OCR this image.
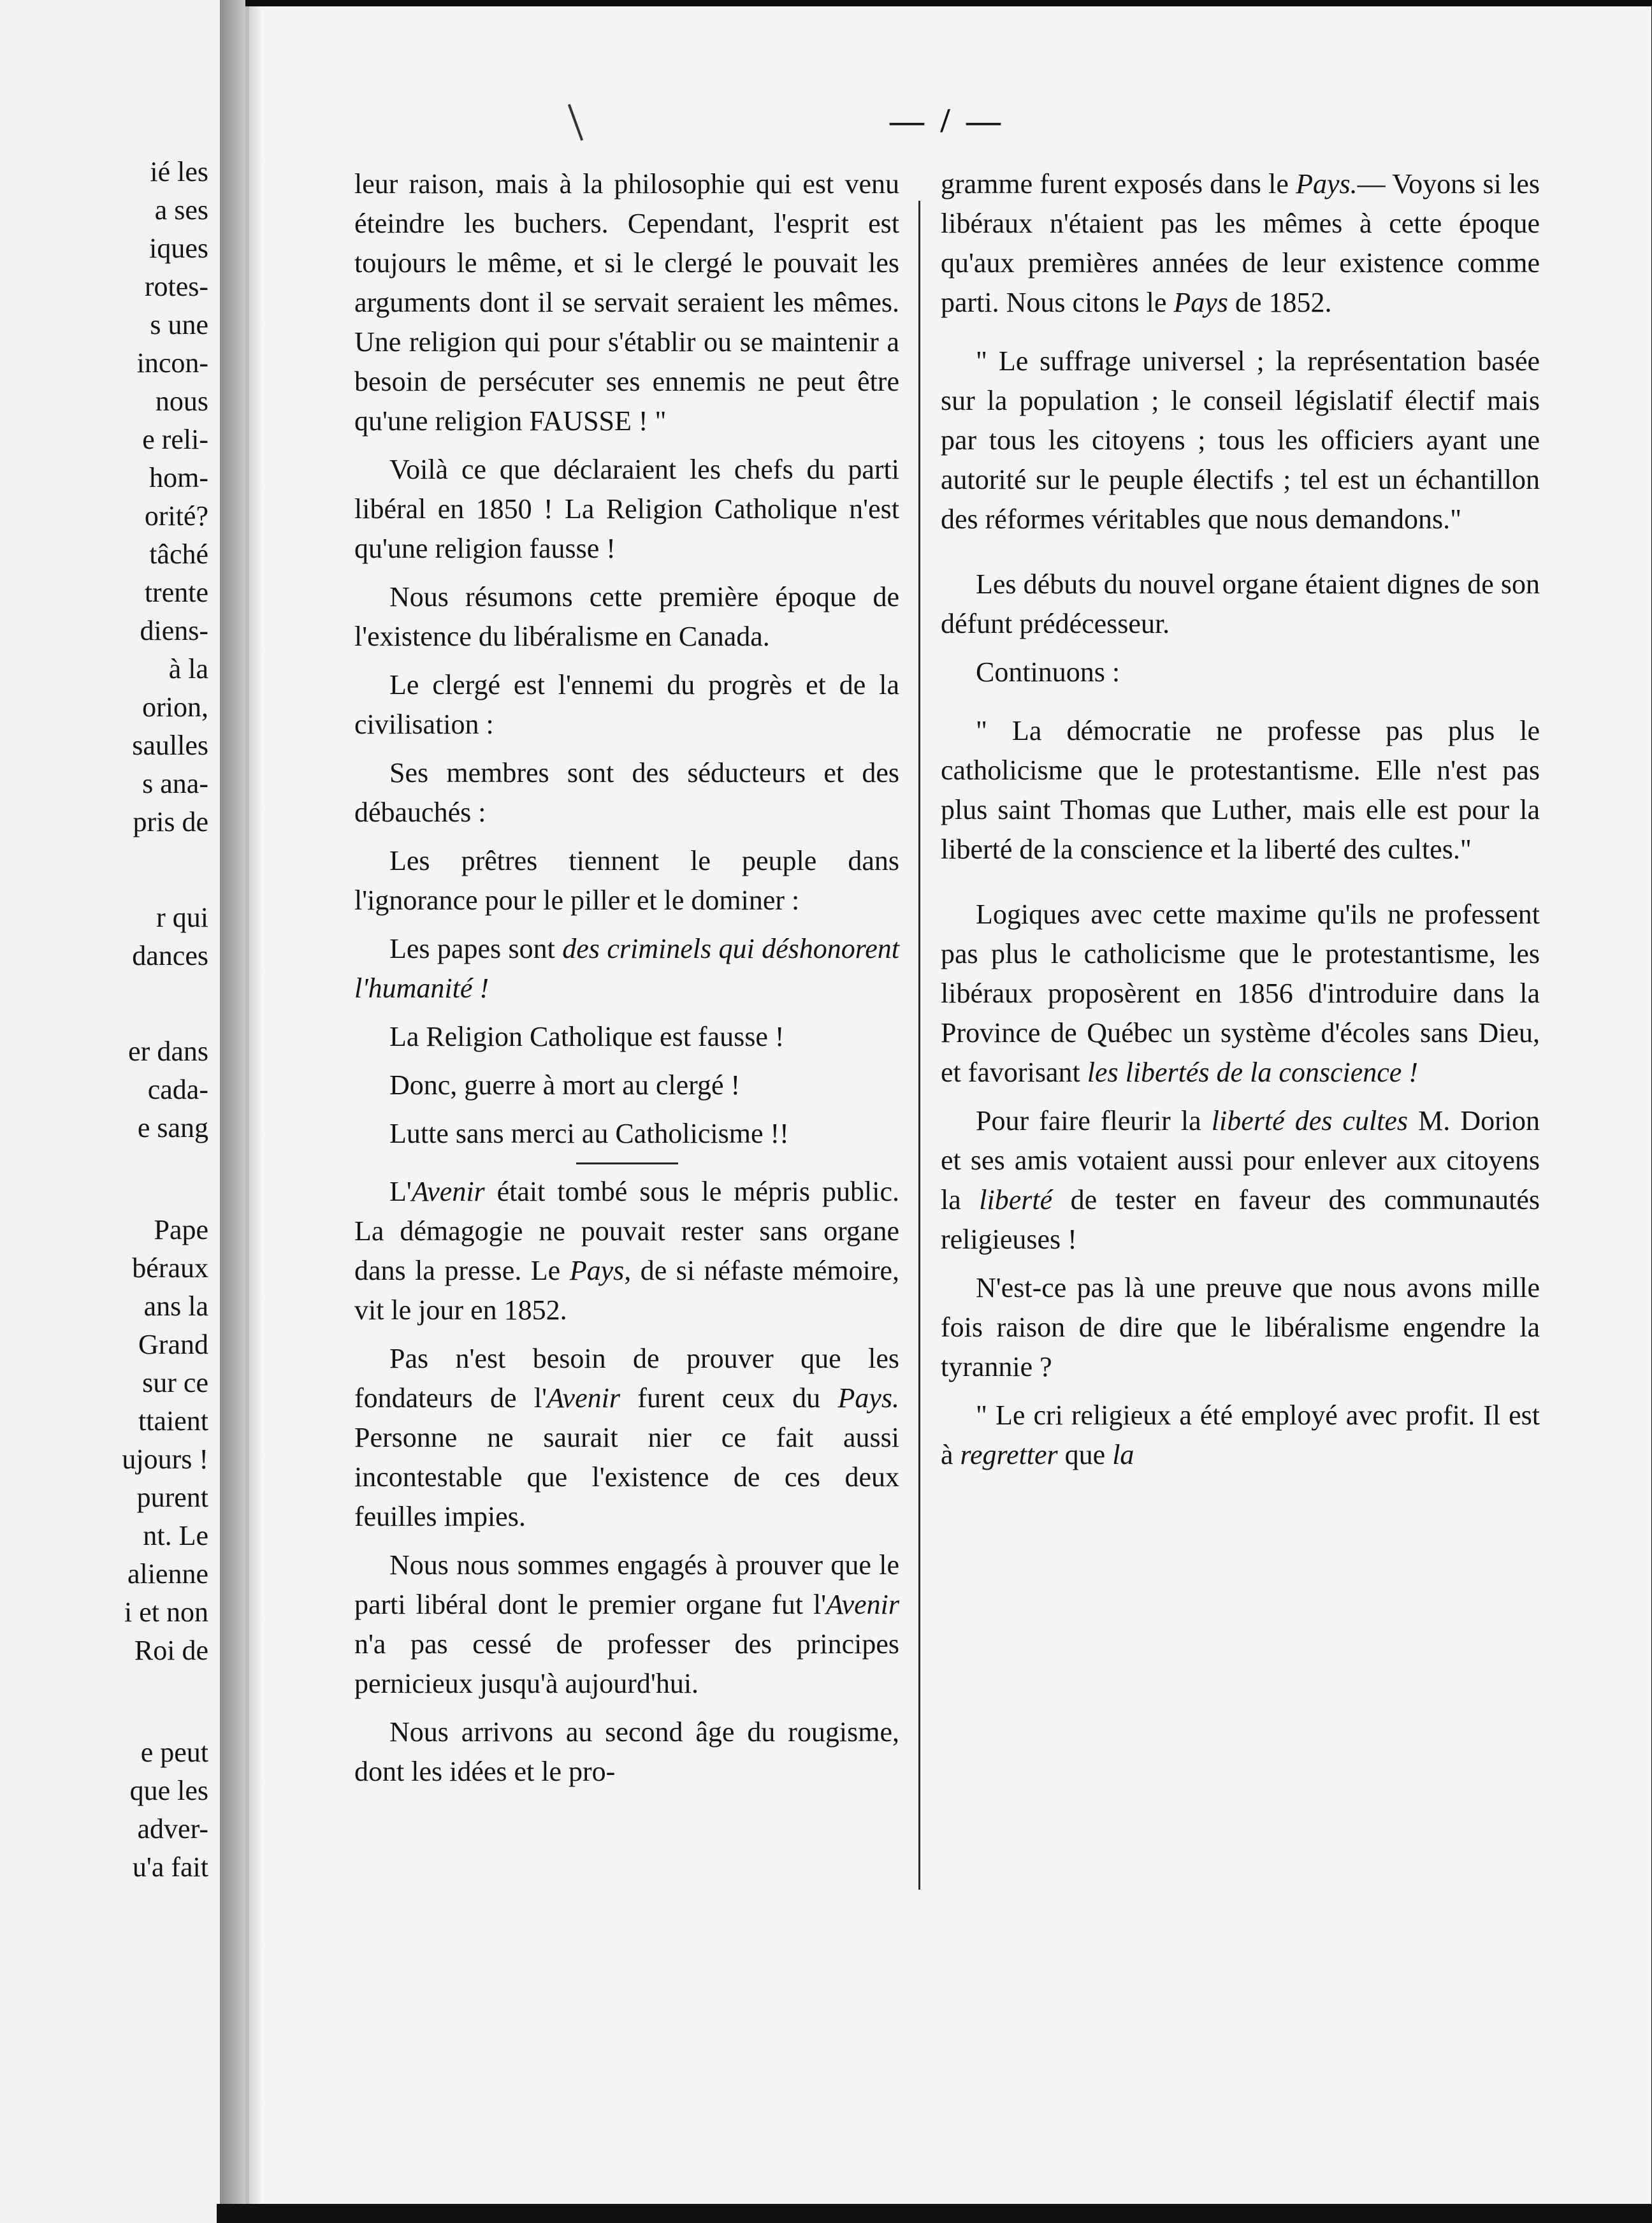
ié les
a ses
iques
rotes-
s une
incon-
nous
e reli-
hom-
orité?
tâché
trente
diens-
à la
orion,
saulles
s ana-
pris de
r qui
dances
er dans
cada-
e sang
Pape
béraux
ans la
Grand
sur ce
ttaient
ujours !
purent
nt. Le
alienne
i et non
Roi de
e peut
que les
adver-
u'a fait
— / —

leur raison, mais à la philosophie qui est venu éteindre les buchers. Cependant, l'esprit est toujours le même, et si le clergé le pouvait les arguments dont il se servait seraient les mêmes. Une religion qui pour s'établir ou se maintenir a besoin de persécuter ses ennemis ne peut être qu'une religion FAUSSE ! "

Voilà ce que déclaraient les chefs du parti libéral en 1850 ! La Religion Catholique n'est qu'une religion fausse !

Nous résumons cette première époque de l'existence du libéralisme en Canada.

Le clergé est l'ennemi du progrès et de la civilisation :

Ses membres sont des séducteurs et des débauchés :

Les prêtres tiennent le peuple dans l'ignorance pour le piller et le dominer :

Les papes sont des criminels qui déshonorent l'humanité !

La Religion Catholique est fausse !

Donc, guerre à mort au clergé !

Lutte sans merci au Catholicisme !!

L'Avenir était tombé sous le mépris public. La démagogie ne pouvait rester sans organe dans la presse. Le Pays, de si néfaste mémoire, vit le jour en 1852.

Pas n'est besoin de prouver que les fondateurs de l'Avenir furent ceux du Pays. Personne ne saurait nier ce fait aussi incontestable que l'existence de ces deux feuilles impies.

Nous nous sommes engagés à prouver que le parti libéral dont le premier organe fut l'Avenir n'a pas cessé de professer des principes pernicieux jusqu'à aujourd'hui.

Nous arrivons au second âge du rougisme, dont les idées et le pro-

gramme furent exposés dans le Pays.— Voyons si les libéraux n'étaient pas les mêmes à cette époque qu'aux premières années de leur existence comme parti. Nous citons le Pays de 1852.

" Le suffrage universel ; la représentation basée sur la population ; le conseil législatif électif mais par tous les citoyens ; tous les officiers ayant une autorité sur le peuple électifs ; tel est un échantillon des réformes véritables que nous demandons."

Les débuts du nouvel organe étaient dignes de son défunt prédécesseur.

Continuons :

" La démocratie ne professe pas plus le catholicisme que le protestantisme. Elle n'est pas plus saint Thomas que Luther, mais elle est pour la liberté de la conscience et la liberté des cultes."

Logiques avec cette maxime qu'ils ne professent pas plus le catholicisme que le protestantisme, les libéraux proposèrent en 1856 d'introduire dans la Province de Québec un système d'écoles sans Dieu, et favorisant les libertés de la conscience !

Pour faire fleurir la liberté des cultes M. Dorion et ses amis votaient aussi pour enlever aux citoyens la liberté de tester en faveur des communautés religieuses !

N'est-ce pas là une preuve que nous avons mille fois raison de dire que le libéralisme engendre la tyrannie ?

" Le cri religieux a été employé avec profit. Il est à regretter que la
